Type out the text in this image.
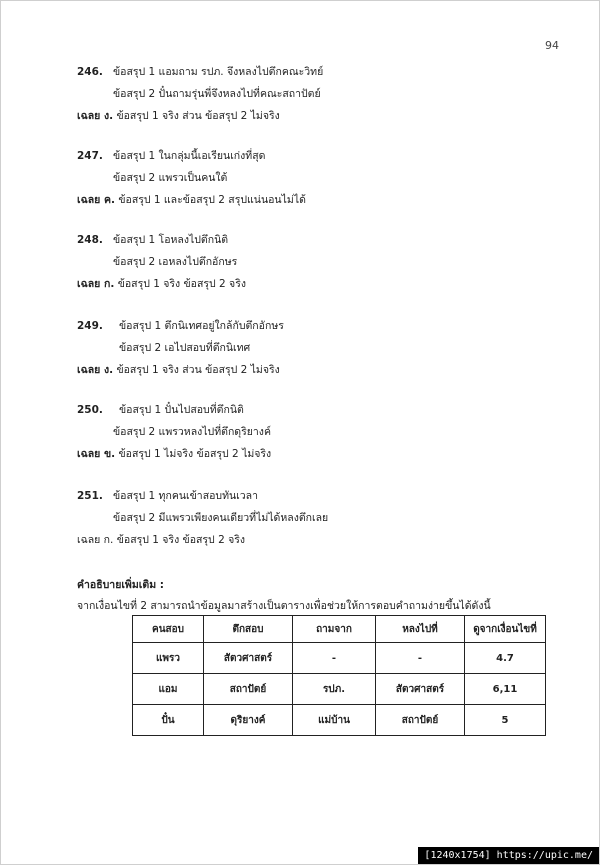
94
246. ข้อสรุป 1 แอมถาม รปภ. จึงหลงไปตึกคณะวิทย์
ข้อสรุป 2 ปั๋นถามรุ่นพี่จึงหลงไปที่คณะสถาปัตย์
เฉลย ง. ข้อสรุป 1 จริง ส่วน ข้อสรุป 2 ไม่จริง
247. ข้อสรุป 1 ในกลุ่มนี้เอเรียนเก่งที่สุด
ข้อสรุป 2 แพรวเป็นคนใต้
เฉลย ค. ข้อสรุป 1 และข้อสรุป 2 สรุปแน่นอนไม่ได้
248. ข้อสรุป 1 โอหลงไปตึกนิติ
ข้อสรุป 2 เอหลงไปตึกอักษร
เฉลย ก. ข้อสรุป 1 จริง ข้อสรุป 2 จริง
249. ข้อสรุป 1 ตึกนิเทศอยู่ใกล้กับตึกอักษร
ข้อสรุป 2 เอไปสอบที่ตึกนิเทศ
เฉลย ง. ข้อสรุป 1 จริง ส่วน ข้อสรุป 2 ไม่จริง
250. ข้อสรุป 1 ปั๋นไปสอบที่ตึกนิติ
ข้อสรุป 2 แพรวหลงไปที่ตึกดุริยางค์
เฉลย ข. ข้อสรุป 1 ไม่จริง ข้อสรุป 2 ไม่จริง
251. ข้อสรุป 1 ทุกคนเข้าสอบทันเวลา
ข้อสรุป 2 มีแพรวเพียงคนเดียวที่ไม่ได้หลงตึกเลย
เฉลย ก. ข้อสรุป 1 จริง ข้อสรุป 2 จริง
คำอธิบายเพิ่มเติม :
จากเงื่อนไขที่ 2 สามารถนำข้อมูลมาสร้างเป็นตารางเพื่อช่วยให้การตอบคำถามง่ายขึ้นได้ดังนี้
คนสอบ	ตึกสอบ	ถามจาก	หลงไปที่	ดูจากเงื่อนไขที่
แพรว	สัตวศาสตร์	-	-	4.7
แอม	สถาปัตย์	รปภ.	สัตวศาสตร์	6,11
ปั๋น	ดุริยางค์	แม่บ้าน	สถาปัตย์	5
[1240x1754] https://upic.me/
